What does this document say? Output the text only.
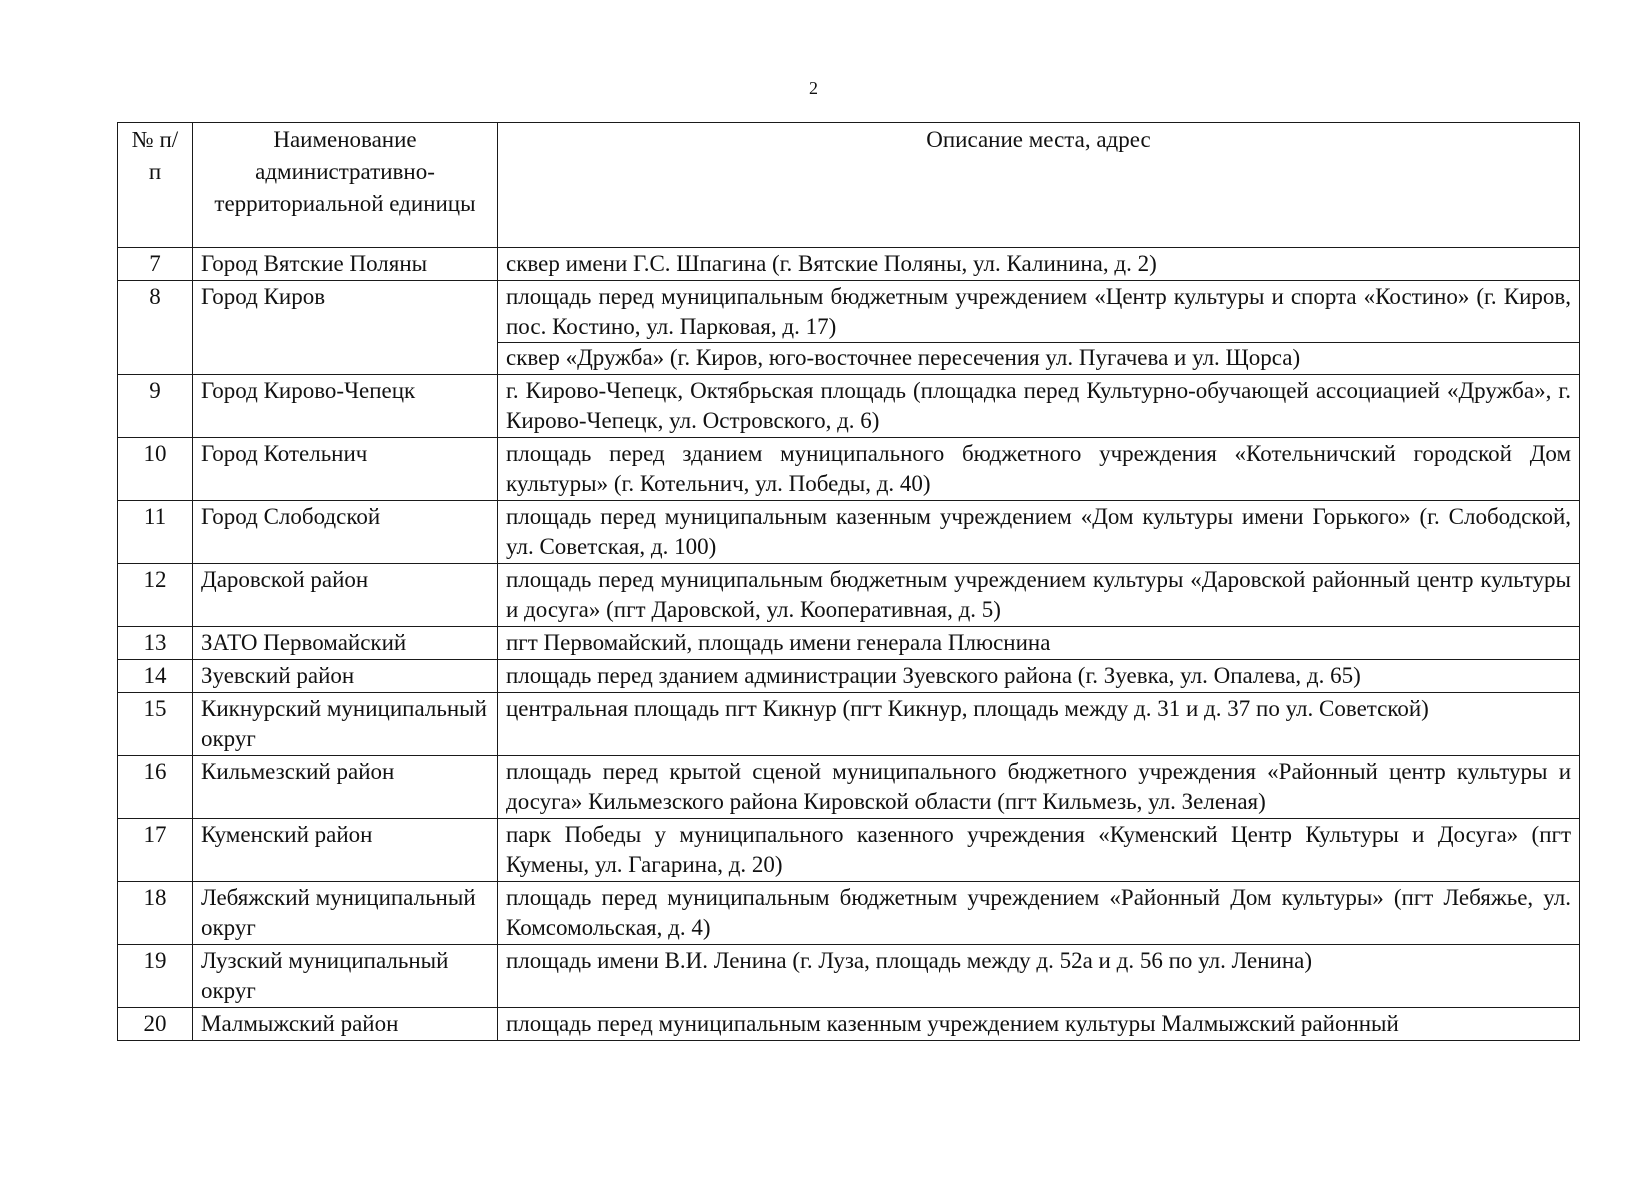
2
№ п/п	Наименование административно-территориальной единицы	Описание места, адрес
7	Город Вятские Поляны	сквер имени Г.С. Шпагина (г. Вятские Поляны, ул. Калинина, д. 2)

8	Город Киров	площадь перед муниципальным бюджетным учреждением «Центр культуры и спорта «Костино» (г. Киров, пос. Костино, ул. Парковая, д. 17)
сквер «Дружба» (г. Киров, юго-восточнее пересечения ул. Пугачева и ул. Щорса)

9	Город Кирово-Чепецк	г. Кирово-Чепецк, Октябрьская площадь (площадка перед Культурно-обучающей ассоциацией «Дружба», г. Кирово-Чепецк, ул. Островского, д. 6)

10	Город Котельнич	площадь перед зданием муниципального бюджетного учреждения «Котельничский городской Дом культуры» (г. Котельнич, ул. Победы, д. 40)

11	Город Слободской	площадь перед муниципальным казенным учреждением «Дом культуры имени Горького» (г. Слободской, ул. Советская, д. 100)

12	Даровской район	площадь перед муниципальным бюджетным учреждением культуры «Даровской районный центр культуры и досуга» (пгт Даровской, ул. Кооперативная, д. 5)

13	ЗАТО Первомайский	пгт Первомайский, площадь имени генерала Плюснина

14	Зуевский район	площадь перед зданием администрации Зуевского района (г. Зуевка, ул. Опалева, д. 65)

15	Кикнурский муниципальный округ	центральная площадь пгт Кикнур (пгт Кикнур, площадь между д. 31 и д. 37 по ул. Советской)

16	Кильмезский район	площадь перед крытой сценой муниципального бюджетного учреждения «Районный центр культуры и досуга» Кильмезского района Кировской области (пгт Кильмезь, ул. Зеленая)

17	Куменский район	парк Победы у муниципального казенного учреждения «Куменский Центр Культуры и Досуга» (пгт Кумены, ул. Гагарина, д. 20)

18	Лебяжский муниципальный округ	площадь перед муниципальным бюджетным учреждением «Районный Дом культуры» (пгт Лебяжье, ул. Комсомольская, д. 4)

19	Лузский муниципальный округ	площадь имени В.И. Ленина (г. Луза, площадь между д. 52а и д. 56 по ул. Ленина)

20	Малмыжский район	площадь перед муниципальным казенным учреждением культуры Малмыжский районный
